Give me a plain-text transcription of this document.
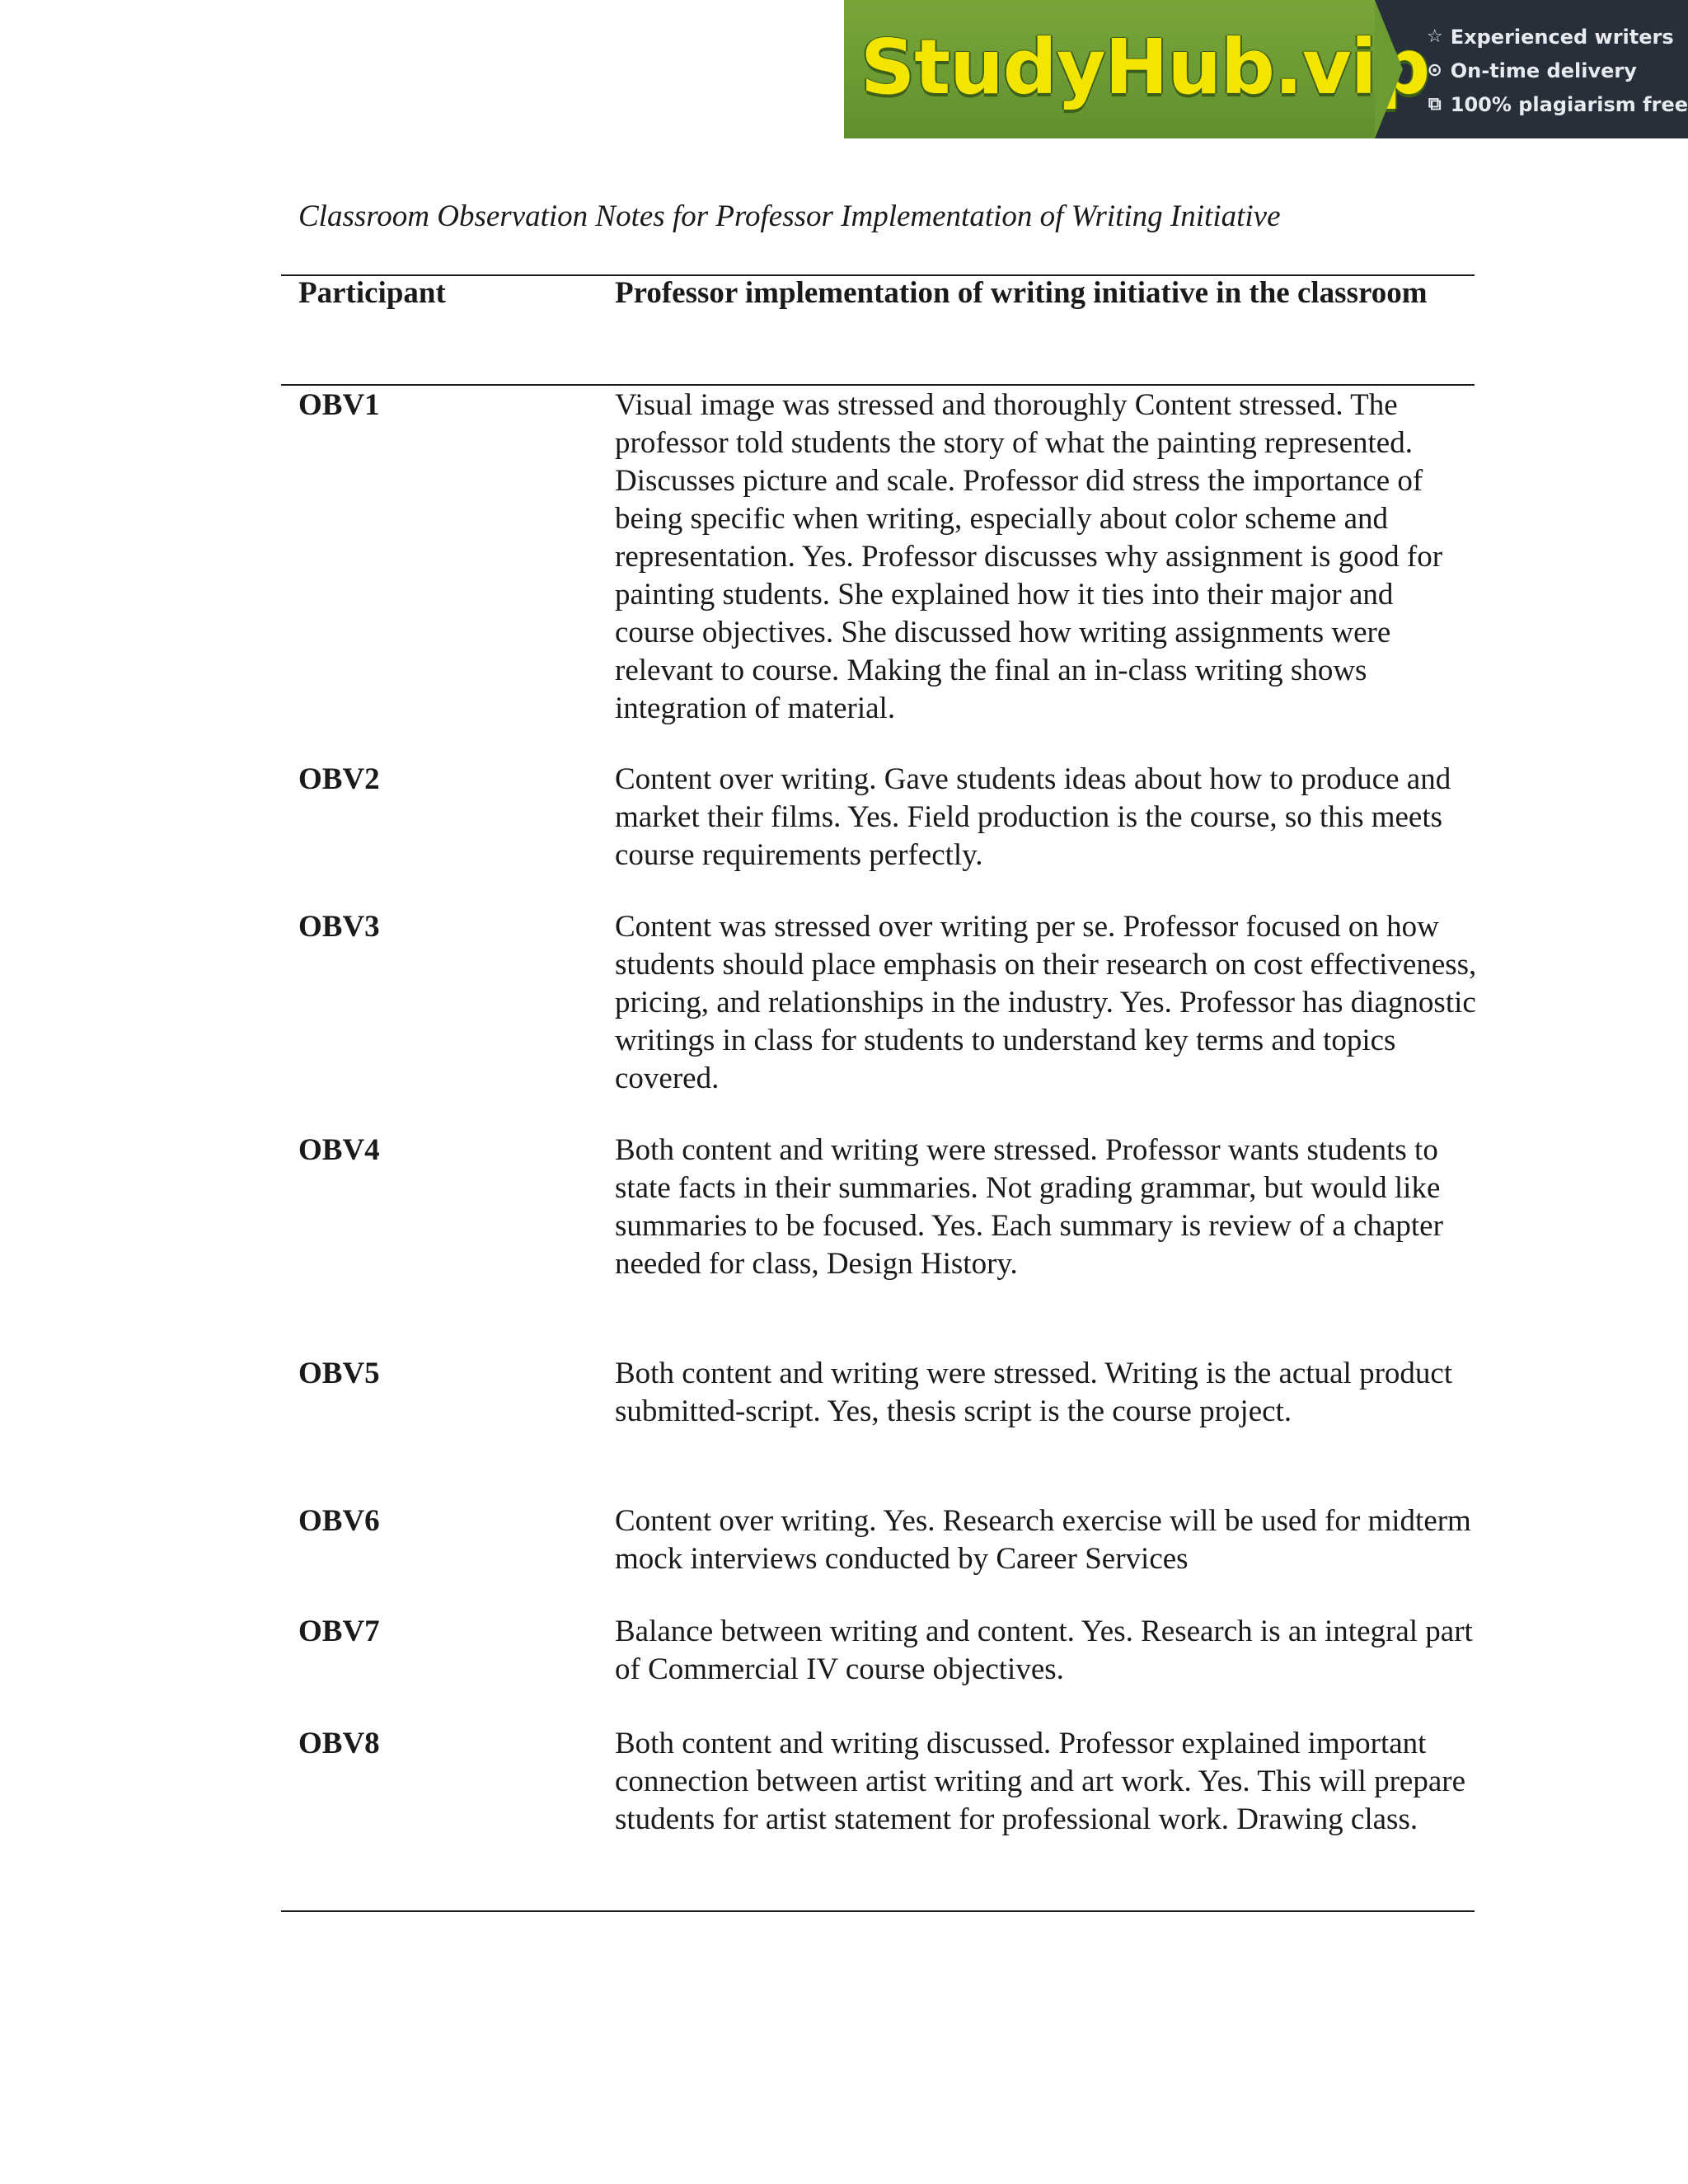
StudyHub.vip
☆ Experienced writers
⊙ On-time delivery
⧉ 100% plagiarism free
Classroom Observation Notes for Professor Implementation of Writing Initiative
Participant	Professor implementation of writing initiative in the classroom
OBV1	Visual image was stressed and thoroughly Content stressed. The professor told students the story of what the painting represented. Discusses picture and scale. Professor did stress the importance of being specific when writing, especially about color scheme and representation. Yes. Professor discusses why assignment is good for painting students. She explained how it ties into their major and course objectives. She discussed how writing assignments were relevant to course. Making the final an in-class writing shows integration of material.
OBV2	Content over writing. Gave students ideas about how to produce and market their films. Yes. Field production is the course, so this meets course requirements perfectly.
OBV3	Content was stressed over writing per se. Professor focused on how students should place emphasis on their research on cost effectiveness, pricing, and relationships in the industry. Yes. Professor has diagnostic writings in class for students to understand key terms and topics covered.
OBV4	Both content and writing were stressed. Professor wants students to state facts in their summaries. Not grading grammar, but would like summaries to be focused. Yes. Each summary is review of a chapter needed for class, Design History.
OBV5	Both content and writing were stressed. Writing is the actual product submitted-script. Yes, thesis script is the course project.
OBV6	Content over writing. Yes. Research exercise will be used for midterm mock interviews conducted by Career Services
OBV7	Balance between writing and content. Yes. Research is an integral part of Commercial IV course objectives.
OBV8	Both content and writing discussed. Professor explained important connection between artist writing and art work. Yes. This will prepare students for artist statement for professional work. Drawing class.
